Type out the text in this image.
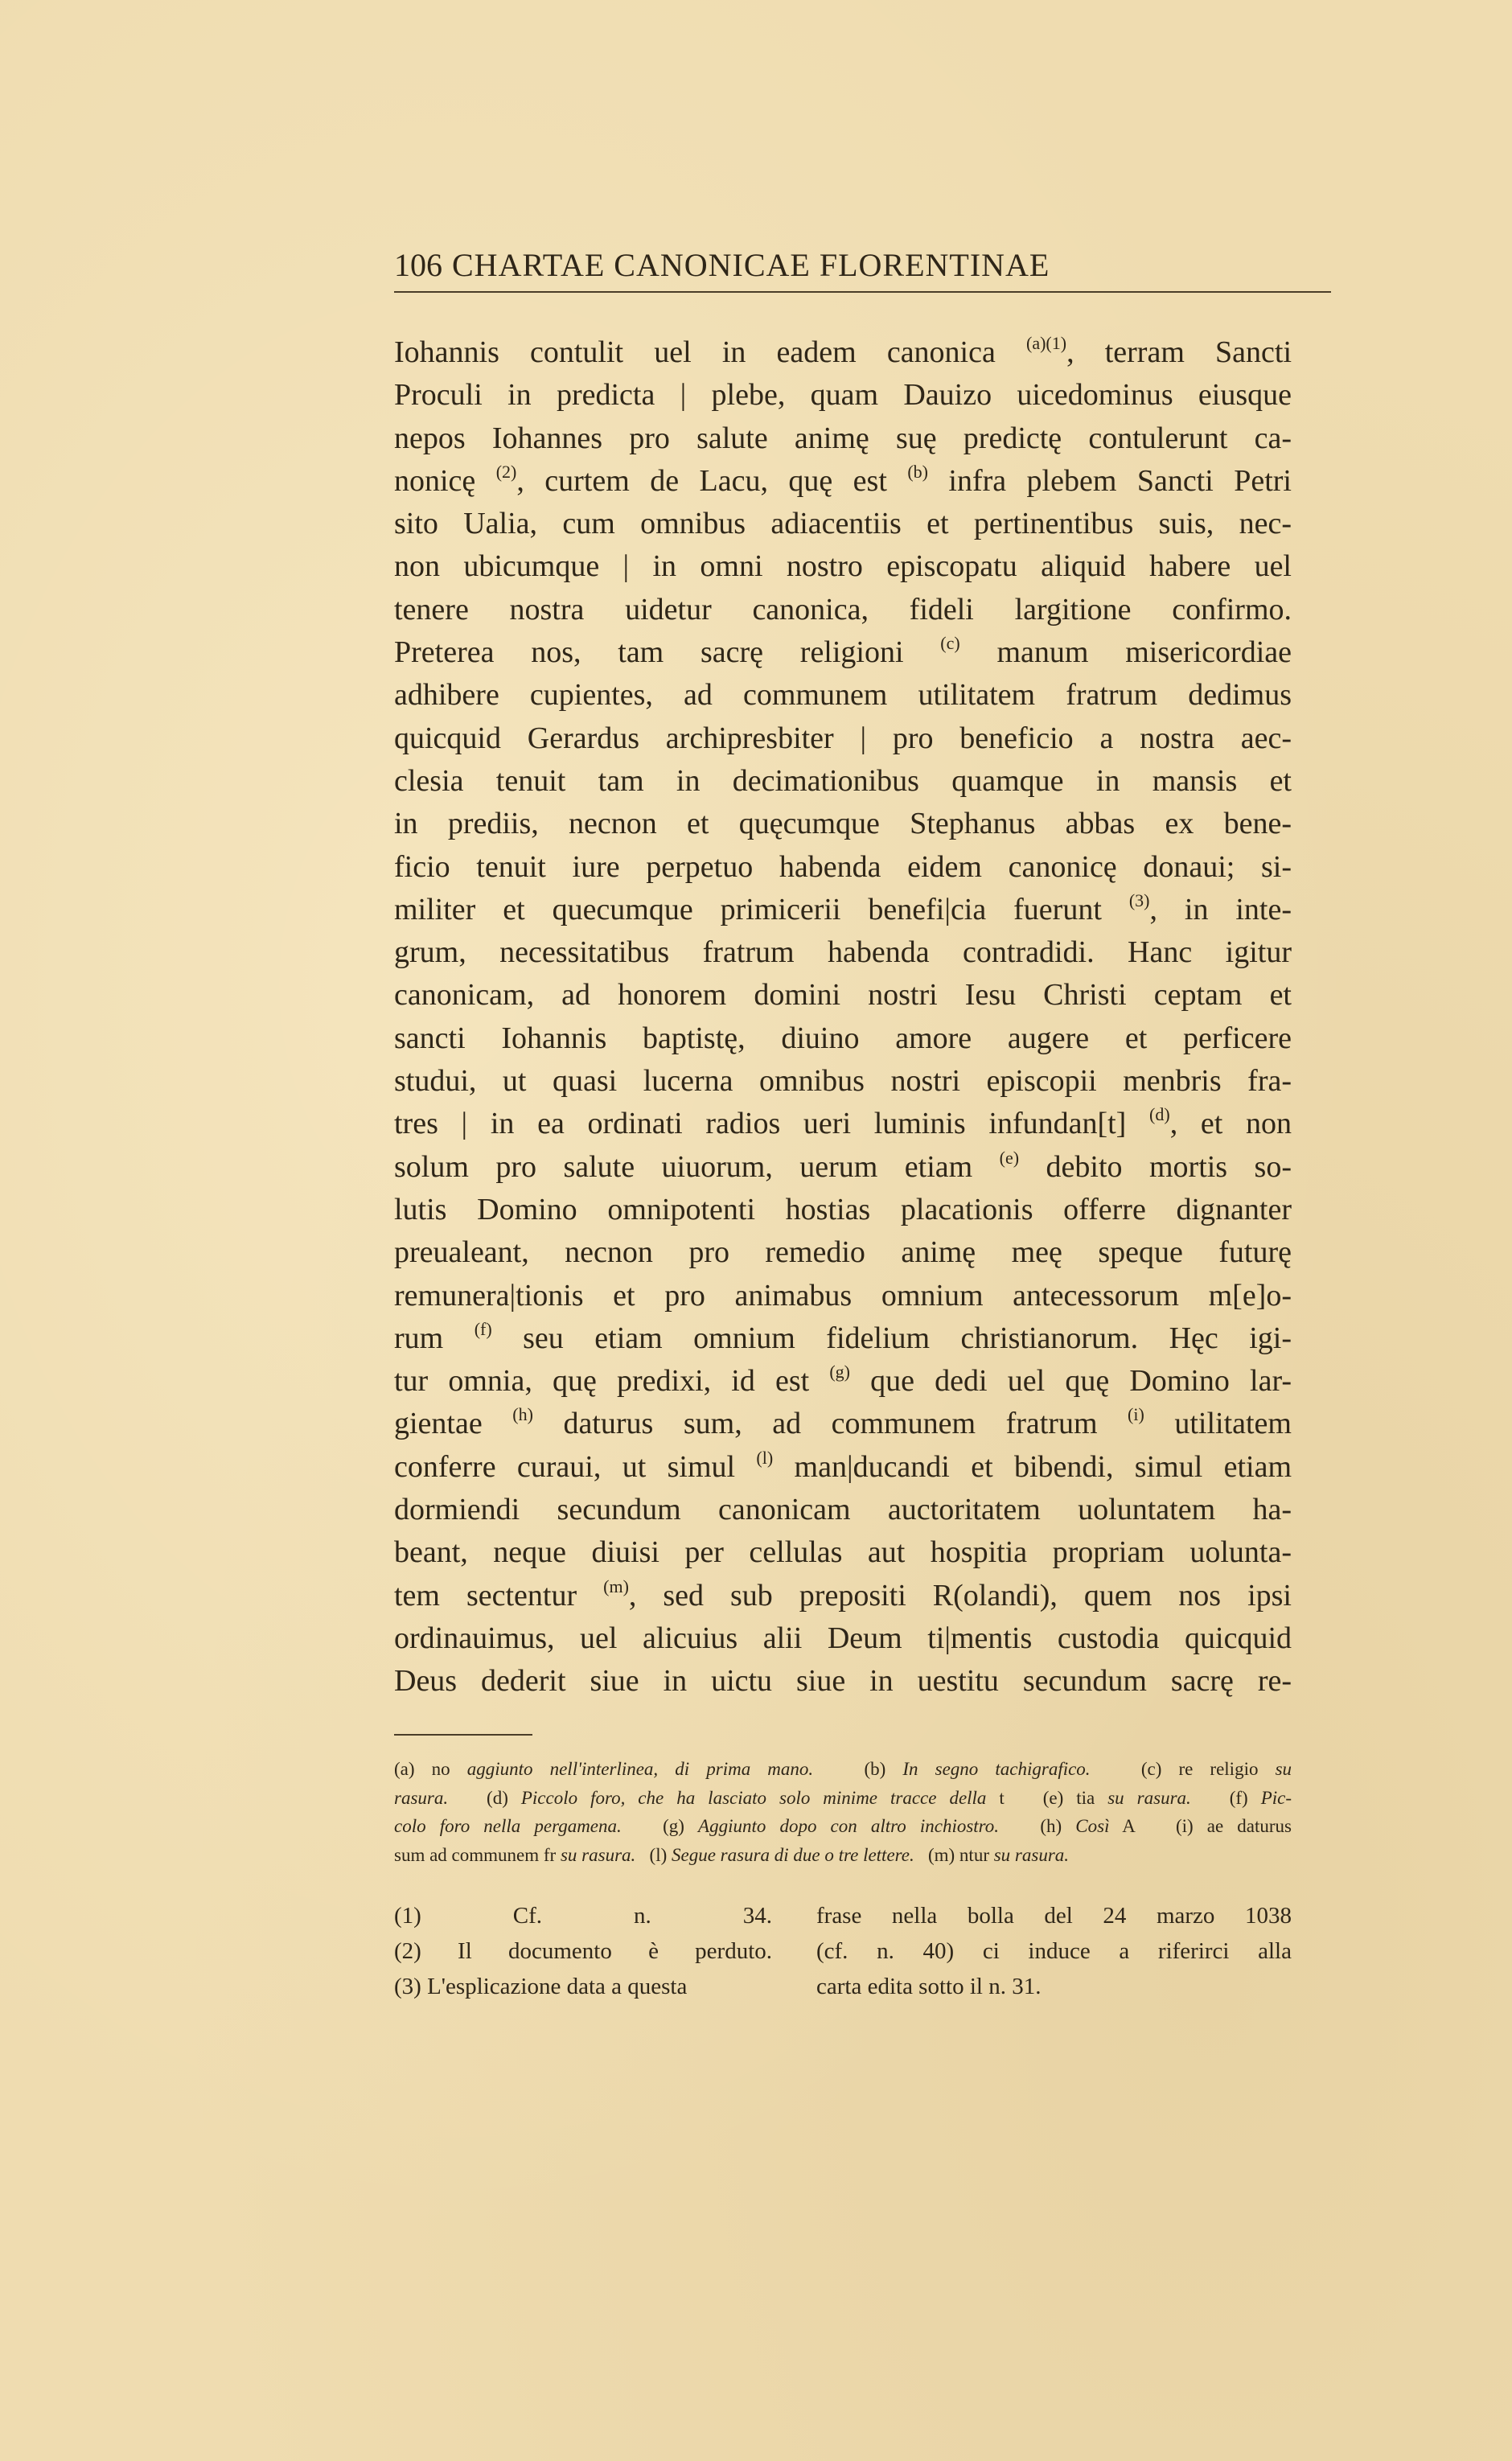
106 CHARTAE CANONICAE FLORENTINAE
Iohannis contulit uel in eadem canonica $^{(a)(1)}$, terram Sancti
Proculi in predicta | plebe, quam Dauizo uicedominus eiusque
nepos Iohannes pro salute animę suę predictę contulerunt ca-
nonicę $^{(2)}$, curtem de Lacu, quę est $^{(b)}$ infra plebem Sancti Petri
sito Ualia, cum omnibus adiacentiis et pertinentibus suis, nec-
non ubicumque | in omni nostro episcopatu aliquid habere uel
tenere nostra uidetur canonica, fideli largitione confirmo.
Preterea nos, tam sacrę religioni $^{(c)}$ manum misericordiae
adhibere cupientes, ad communem utilitatem fratrum dedimus
quicquid Gerardus archipresbiter | pro beneficio a nostra aec-
clesia tenuit tam in decimationibus quamque in mansis et
in prediis, necnon et quęcumque Stephanus abbas ex bene-
ficio tenuit iure perpetuo habenda eidem canonicę donaui; si-
militer et quecumque primicerii benefi|cia fuerunt $^{(3)}$, in inte-
grum, necessitatibus fratrum habenda contradidi. Hanc igitur
canonicam, ad honorem domini nostri Iesu Christi ceptam et
sancti Iohannis baptistę, diuino amore augere et perficere
studui, ut quasi lucerna omnibus nostri episcopii menbris fra-
tres | in ea ordinati radios ueri luminis infundan[t] $^{(d)}$, et non
solum pro salute uiuorum, uerum etiam $^{(e)}$ debito mortis so-
lutis Domino omnipotenti hostias placationis offerre dignanter
preualeant, necnon pro remedio animę meę speque futurę
remunera|tionis et pro animabus omnium antecessorum m[e]o-
rum $^{(f)}$ seu etiam omnium fidelium christianorum. Hęc igi-
tur omnia, quę predixi, id est $^{(g)}$ que dedi uel quę Domino lar-
gientae $^{(h)}$ daturus sum, ad communem fratrum $^{(i)}$ utilitatem
conferre curaui, ut simul $^{(l)}$ man|ducandi et bibendi, simul etiam
dormiendi secundum canonicam auctoritatem uoluntatem ha-
beant, neque diuisi per cellulas aut hospitia propriam uolunta-
tem sectentur $^{(m)}$, sed sub prepositi R(olandi), quem nos ipsi
ordinauimus, uel alicuius alii Deum ti|mentis custodia quicquid
Deus dederit siue in uictu siue in uestitu secundum sacrę re-
(a) no aggiunto nell'interlinea, di prima mano.   (b) In segno tachigrafico.   (c) re religio su
rasura.   (d) Piccolo foro, che ha lasciato solo minime tracce della t   (e) tia su rasura.   (f) Pic-
colo foro nella pergamena.   (g) Aggiunto dopo con altro inchiostro.   (h) Così A   (i) ae daturus
sum ad communem fr su rasura.   (l) Segue rasura di due o tre lettere.   (m) ntur su rasura.
(1) Cf. n. 34.
(2) Il documento è perduto.
(3) L'esplicazione data a questa
frase nella bolla del 24 marzo 1038
(cf. n. 40) ci induce a riferirci alla
carta edita sotto il n. 31.
